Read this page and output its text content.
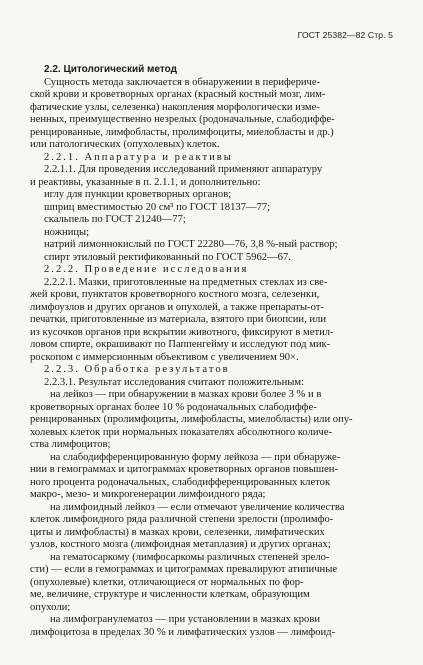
ГОСТ 25382—82 Стр. 5
2.2. Цитологический метод
Сущность метода заключается в обнаружении в перифериче-
ской крови и кроветворных органах (красный костный мозг, лим-
фатические узлы, селезенка) накопления морфологически изме-
ненных, преимущественно незрелых (родоначальные, слабодиффе-
ренцированные, лимфобласты, пролимфоциты, миелобласты и др.)
или патологических (опухолевых) клеток.
2.2.1. Аппаратура и реактивы
2.2.1.1. Для проведения исследований применяют аппаратуру
и реактивы, указанные в п. 2.1.1, и дополнительно:
иглу для пункции кроветворных органов;
шприц вместимостью 20 см³ по ГОСТ 18137—77;
скальпель по ГОСТ 21240—77;
ножницы;
натрий лимоннокислый по ГОСТ 22280—76, 3,8 %-ный раствор;
спирт этиловый ректификованный по ГОСТ 5962—67.
2.2.2. Проведение исследования
2.2.2.1. Мазки, приготовленные на предметных стеклах из све-
жей крови, пунктатов кроветворного костного мозга, селезенки,
лимфоузлов и других органов и опухолей, а также препараты-от-
печатки, приготовленные из материала, взятого при биопсии, или
из кусочков органов при вскрытии животного, фиксируют в метил-
ловом спирте, окрашивают по Паппенгейму и исследуют под мик-
роскопом с иммерсионным объективом с увеличением 90×.
2.2.3. Обработка результатов
2.2.3.1. Результат исследования считают положительным:
на лейкоз — при обнаружении в мазках крови более 3 % и в
кроветворных органах более 10 % родоначальных слабодиффе-
ренцированных (пролимфоциты, лимфобласты, миелобласты) или опу-
холевых клеток при нормальных показателях абсолютного количе-
ства лимфоцитов;
на слабодифференцированную форму лейкоза — при обнаруже-
нии в гемограммах и цитограммах кроветворных органов повышен-
ного процента родоначальных, слабодифференцированных клеток
макро-, мезо- и микрогенерации лимфоидного ряда;
на лимфоидный лейкоз — если отмечают увеличение количества
клеток лимфоидного ряда различной степени зрелости (пролимфо-
циты и лимфобласты) в мазках крови, селезенки, лимфатических
узлов, костного мозга (лимфоидная метаплазия) и других органах;
на гематосаркому (лимфосаркомы различных степеней зрело-
сти) — если в гемограммах и цитограммах превалируют атипичные
(опухолевые) клетки, отличающиеся от нормальных по фор-
ме, величине, структуре и численности клеткам, образующим
опухоли;
на лимфогранулематоз — при установлении в мазках крови
лимфоцитоза в пределах 30 % и лимфатических узлов — лимфоид-
